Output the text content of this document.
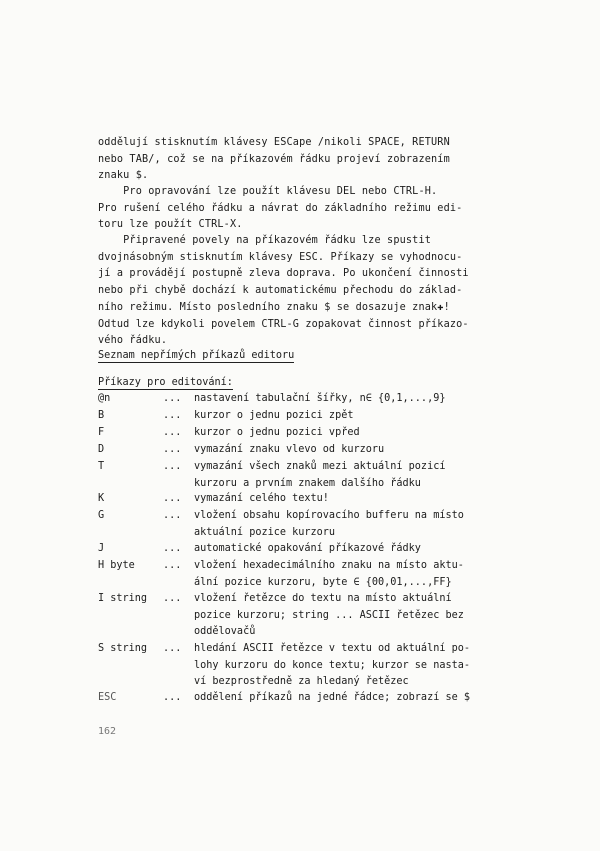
oddělují stisknutím klávesy ESCape /nikoli SPACE, RETURN
nebo TAB/, což se na příkazovém řádku projeví zobrazením
znaku $.
Pro opravování lze použít klávesu DEL nebo CTRL-H.
Pro rušení celého řádku a návrat do základního režimu edi-
toru lze použít CTRL-X.
Připravené povely na příkazovém řádku lze spustit
dvojnásobným stisknutím klávesy ESC. Příkazy se vyhodnocu-
jí a provádějí postupně zleva doprava. Po ukončení činnosti
nebo při chybě dochází k automatickému přechodu do základ-
ního režimu. Místo posledního znaku $ se dosazuje znak✚!
Odtud lze kdykoli povelem CTRL-G zopakovat činnost příkazo-
vého řádku.
Seznam nepřímých příkazů editoru
Příkazy pro editování:
@n	... nastavení tabulační šířky, n∈ {0,1,...,9}
B	... kurzor o jednu pozici zpět
F	... kurzor o jednu pozici vpřed
D	... vymazání znaku vlevo od kurzoru
T	... vymazání všech znaků mezi aktuální pozicí
kurzoru a prvním znakem dalšího řádku
K	... vymazání celého textu!
G	... vložení obsahu kopírovacího bufferu na místo
aktuální pozice kurzoru
J	... automatické opakování příkazové řádky
H byte	... vložení hexadecimálního znaku na místo aktu-
ální pozice kurzoru, byte ∈ {00,01,...,FF}
I string ... vložení řetězce do textu na místo aktuální
pozice kurzoru; string ... ASCII řetězec bez
oddělovačů
S string ... hledání ASCII řetězce v textu od aktuální po-
lohy kurzoru do konce textu; kurzor se nasta-
ví bezprostředně za hledaný řetězec
ESC	... oddělení příkazů na jedné řádce; zobrazí se $
162
